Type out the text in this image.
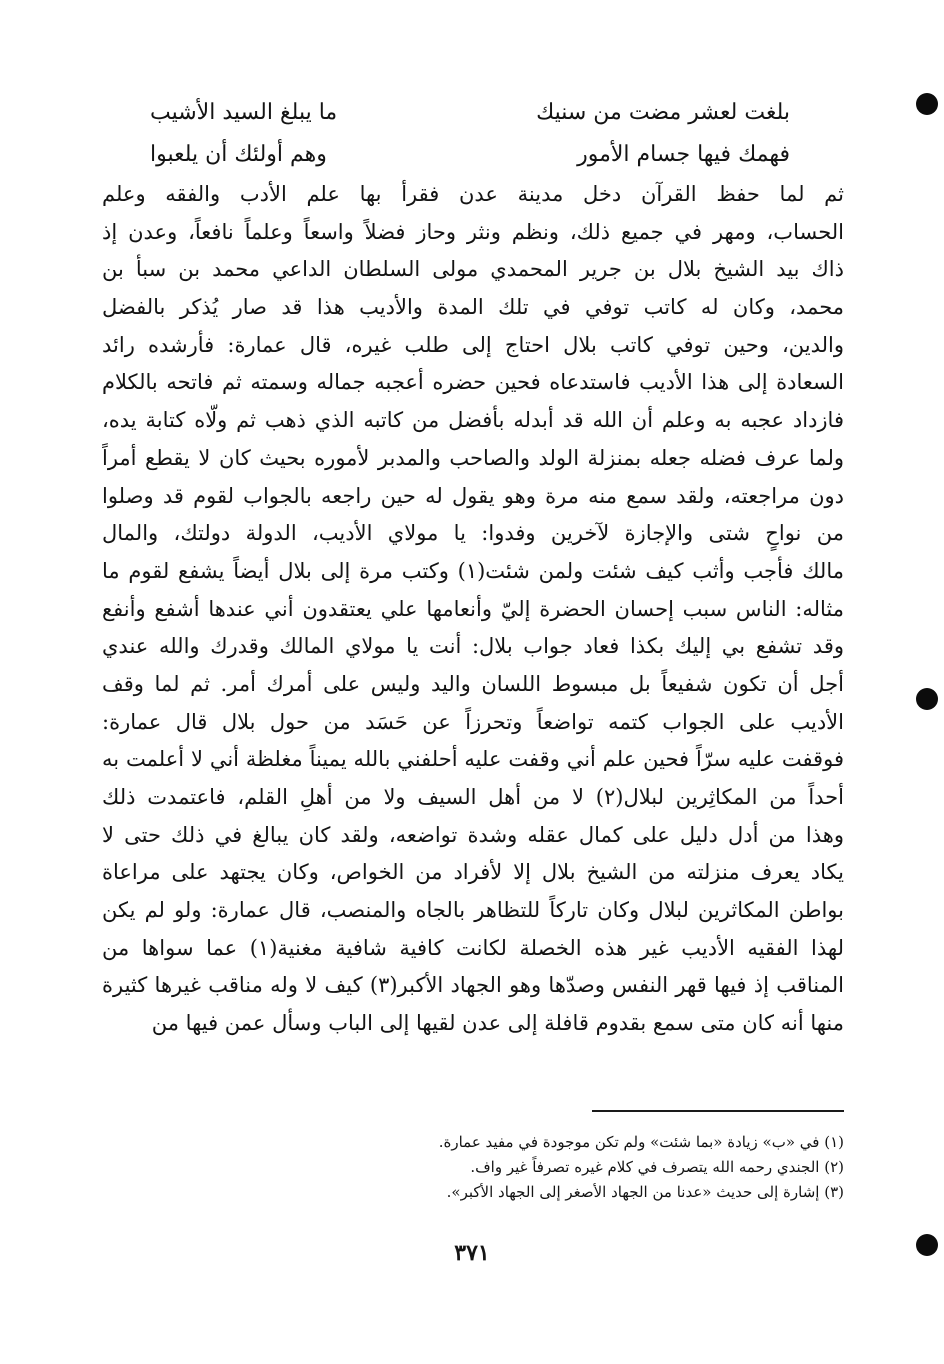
بلغت لعشر مضت من سنيك
ما يبلغ السيد الأشيب
فهمك فيها جسام الأمور
وهم أولئك أن يلعبوا
ثم لما حفظ القرآن دخل مدينة عدن فقرأ بها علم الأدب والفقه وعلم
الحساب، ومهر في جميع ذلك، ونظم ونثر وحاز فضلاً واسعاً وعلماً نافعاً، وعدن إذ
ذاك بيد الشيخ بلال بن جرير المحمدي مولى السلطان الداعي محمد بن سبأ بن
محمد، وكان له كاتب توفي في تلك المدة والأديب هذا قد صار يُذكر بالفضل
والدين، وحين توفي كاتب بلال احتاج إلى طلب غيره، قال عمارة: فأرشده رائد
السعادة إلى هذا الأديب فاستدعاه فحين حضره أعجبه جماله وسمته ثم فاتحه بالكلام
فازداد عجبه به وعلم أن الله قد أبدله بأفضل من كاتبه الذي ذهب ثم ولّاه كتابة يده،
ولما عرف فضله جعله بمنزلة الولد والصاحب والمدبر لأموره بحيث كان لا يقطع أمراً
دون مراجعته، ولقد سمع منه مرة وهو يقول له حين راجعه بالجواب لقوم قد وصلوا
من نواحٍ شتى والإجازة لآخرين وفدوا: يا مولاي الأديب، الدولة دولتك، والمال
مالك فأجب وأثب كيف شئت ولمن شئت(١) وكتب مرة إلى بلال أيضاً يشفع لقوم ما
مثاله: الناس سبب إحسان الحضرة إليّ وأنعامها علي يعتقدون أني عندها أشفع وأنفع
وقد تشفع بي إليك بكذا فعاد جواب بلال: أنت يا مولاي المالك وقدرك والله عندي
أجل أن تكون شفيعاً بل مبسوط اللسان واليد وليس على أمرك أمر. ثم لما وقف
الأديب على الجواب كتمه تواضعاً وتحرزاً عن حَسَد من حول بلال قال عمارة:
فوقفت عليه سرّاً فحين علم أني وقفت عليه أحلفني بالله يميناً مغلظة أني لا أعلمت به
أحداً من المكاثِرين لبلال(٢) لا من أهل السيف ولا من أهلِ القلم، فاعتمدت ذلك
وهذا من أدل دليل على كمال عقله وشدة تواضعه، ولقد كان يبالغ في ذلك حتى لا
يكاد يعرف منزلته من الشيخ بلال إلا لأفراد من الخواص، وكان يجتهد على مراعاة
بواطن المكاثرين لبلال وكان تاركاً للتظاهر بالجاه والمنصب، قال عمارة: ولو لم يكن
لهذا الفقيه الأديب غير هذه الخصلة لكانت كافية شافية مغنية(١) عما سواها من
المناقب إذ فيها قهر النفس وصدّها وهو الجهاد الأكبر(٣) كيف لا وله مناقب غيرها كثيرة
منها أنه كان متى سمع بقدوم قافلة إلى عدن لقيها إلى الباب وسأل عمن فيها من
(١) في «ب» زيادة «بما شئت» ولم تكن موجودة في مفيد عمارة.
(٢) الجندي رحمه الله يتصرف في كلام غيره تصرفاً غير واف.
(٣) إشارة إلى حديث «عدنا من الجهاد الأصغر إلى الجهاد الأكبر».
٣٧١
